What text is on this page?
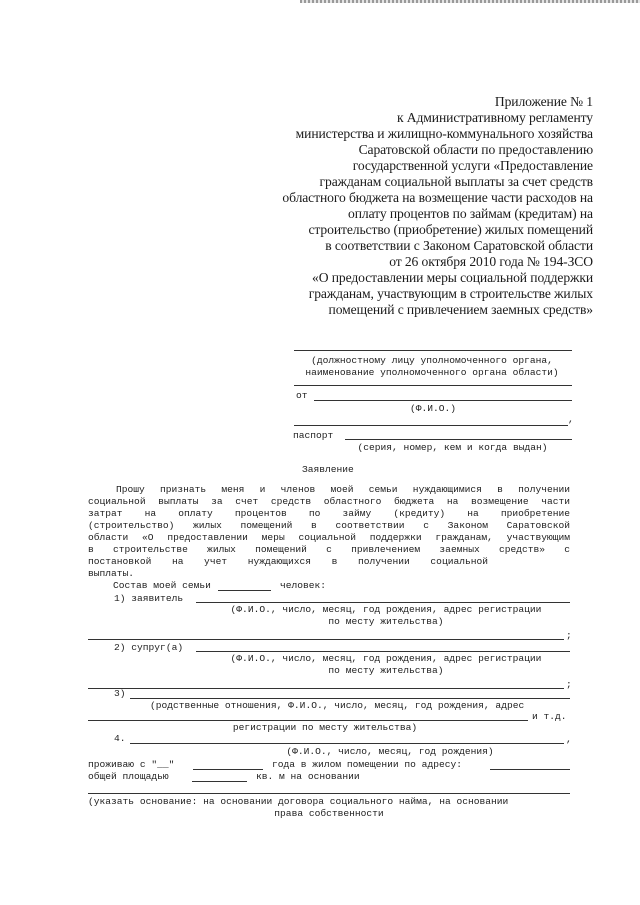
Приложение № 1
к Административному регламенту
министерства и жилищно-коммунального хозяйства
Саратовской области по предоставлению
государственной услуги «Предоставление
гражданам социальной выплаты за счет средств
областного бюджета на возмещение части расходов на
оплату процентов по займам (кредитам) на
строительство (приобретение) жилых помещений
в соответствии с Законом Саратовской области
от 26 октября 2010 года № 194-ЗСО
«О предоставлении меры социальной поддержки
гражданам, участвующим в строительстве жилых
помещений с привлечением заемных средств»
(должностному лицу уполномоченного органа,
наименование уполномоченного органа области)
от
(Ф.И.О.)
,
паспорт
(серия, номер, кем и когда выдан)
Заявление
Прошу признать меня и членов моей семьи нуждающимися в получении
социальной выплаты за счет средств областного бюджета на возмещение части
затрат на оплату процентов по займу (кредиту) на приобретение
(строительство) жилых помещений в соответствии с Законом Саратовской
области «О предоставлении меры социальной поддержки гражданам, участвующим
в строительстве жилых помещений с привлечением заемных средств» с
постановкой на учет нуждающихся в получении социальной
выплаты.
Состав моей семьи	человек:
1) заявитель
(Ф.И.О., число, месяц, год рождения, адрес регистрации
по месту жительства)
;
2) супруг(а)
(Ф.И.О., число, месяц, год рождения, адрес регистрации
по месту жительства)
;
3)
(родственные отношения, Ф.И.О., число, месяц, год рождения, адрес
и т.д.
регистрации по месту жительства)
4.	,
(Ф.И.О., число, месяц, год рождения)
проживаю с "__"	года в жилом помещении по адресу:
общей площадью	кв. м на основании
(указать основание: на основании договора социального найма, на основании
права собственности
